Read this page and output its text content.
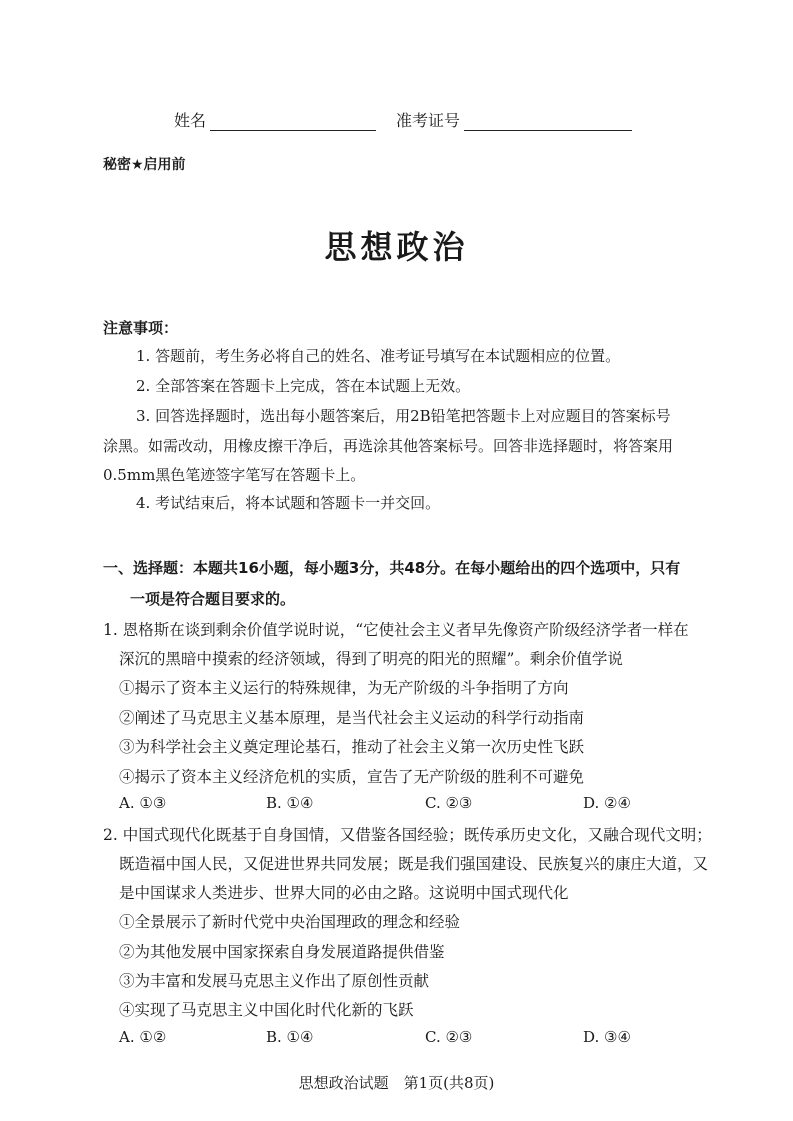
姓名	准考证号
秘密★启用前
思想政治
注意事项：
1. 答题前，考生务必将自己的姓名、准考证号填写在本试题相应的位置。
2. 全部答案在答题卡上完成，答在本试题上无效。
3. 回答选择题时，选出每小题答案后，用2B铅笔把答题卡上对应题目的答案标号
涂黑。如需改动，用橡皮擦干净后，再选涂其他答案标号。回答非选择题时，将答案用
0.5mm黑色笔迹签字笔写在答题卡上。
4. 考试结束后，将本试题和答题卡一并交回。
一、选择题：本题共16小题，每小题3分，共48分。在每小题给出的四个选项中，只有
一项是符合题目要求的。
1. 恩格斯在谈到剩余价值学说时说，“它使社会主义者早先像资产阶级经济学者一样在
深沉的黑暗中摸索的经济领域，得到了明亮的阳光的照耀”。剩余价值学说
①揭示了资本主义运行的特殊规律，为无产阶级的斗争指明了方向
②阐述了马克思主义基本原理，是当代社会主义运动的科学行动指南
③为科学社会主义奠定理论基石，推动了社会主义第一次历史性飞跃
④揭示了资本主义经济危机的实质，宣告了无产阶级的胜利不可避免
A. ①③	B. ①④	C. ②③	D. ②④
2. 中国式现代化既基于自身国情，又借鉴各国经验；既传承历史文化，又融合现代文明；
既造福中国人民，又促进世界共同发展；既是我们强国建设、民族复兴的康庄大道，又
是中国谋求人类进步、世界大同的必由之路。这说明中国式现代化
①全景展示了新时代党中央治国理政的理念和经验
②为其他发展中国家探索自身发展道路提供借鉴
③为丰富和发展马克思主义作出了原创性贡献
④实现了马克思主义中国化时代化新的飞跃
A. ①②	B. ①④	C. ②③	D. ③④
思想政治试题　第1页(共8页)
